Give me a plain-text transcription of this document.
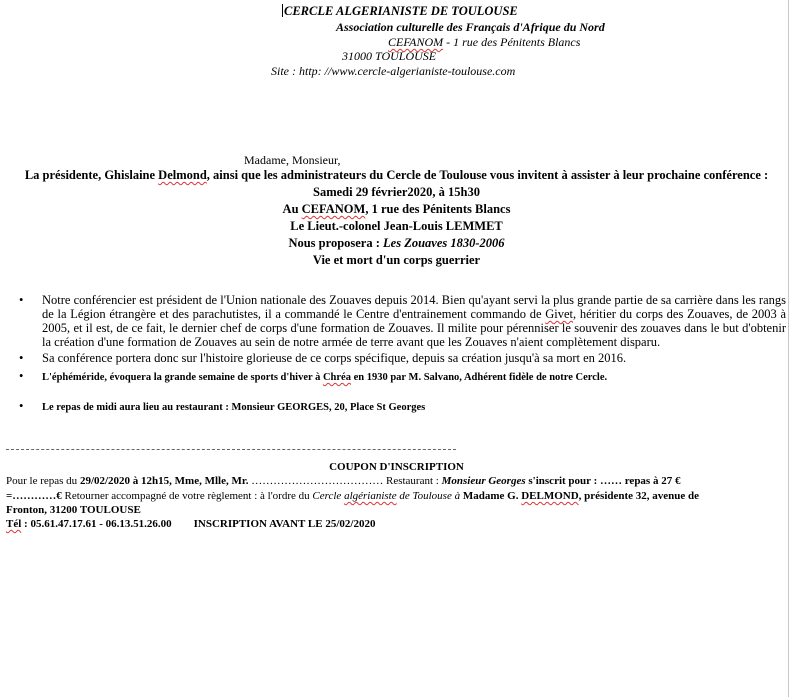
CERCLE ALGERIANISTE DE TOULOUSE
Association culturelle des Français d'Afrique du Nord
CEFANOM - 1 rue des Pénitents Blancs
31000 TOULOUSE
Site : http: //www.cercle-algerianiste-toulouse.com
Madame, Monsieur,
La présidente, Ghislaine Delmond, ainsi que les administrateurs du Cercle de Toulouse vous invitent à assister à leur prochaine conférence :
Samedi 29 février2020, à 15h30
Au CEFANOM, 1 rue des Pénitents Blancs
Le Lieut.-colonel Jean-Louis LEMMET
Nous proposera : Les Zouaves 1830-2006
Vie et mort d'un corps guerrier
• Notre conférencier est président de l'Union nationale des Zouaves depuis 2014. Bien qu'ayant servi la plus grande partie de sa carrière dans les rangs de la Légion étrangère et des parachutistes, il a commandé le Centre d'entrainement commando de Givet, héritier du corps des Zouaves, de 2003 à 2005, et il est, de ce fait, le dernier chef de corps d'une formation de Zouaves. Il milite pour pérenniser le souvenir des zouaves dans le but d'obtenir la création d'une formation de Zouaves au sein de notre armée de terre avant que les Zouaves n'aient complètement disparu.
• Sa conférence portera donc sur l'histoire glorieuse de ce corps spécifique, depuis sa création jusqu'à sa mort en 2016.
• L'éphéméride, évoquera la grande semaine de sports d'hiver à Chréa en 1930 par M. Salvano, Adhérent fidèle de notre Cercle.
• Le repas de midi aura lieu au restaurant : Monsieur GEORGES, 20, Place St Georges
COUPON D'INSCRIPTION
Pour le repas du 29/02/2020 à 12h15, Mme, Mlle, Mr. ……………………………… Restaurant : Monsieur Georges s'inscrit pour : …… repas à 27 €
=…………€ Retourner accompagné de votre règlement : à l'ordre du Cercle algérianiste de Toulouse à Madame G. DELMOND, présidente 32, avenue de
Fronton, 31200 TOULOUSE
Tél : 05.61.47.17.61 - 06.13.51.26.00 INSCRIPTION AVANT LE 25/02/2020
